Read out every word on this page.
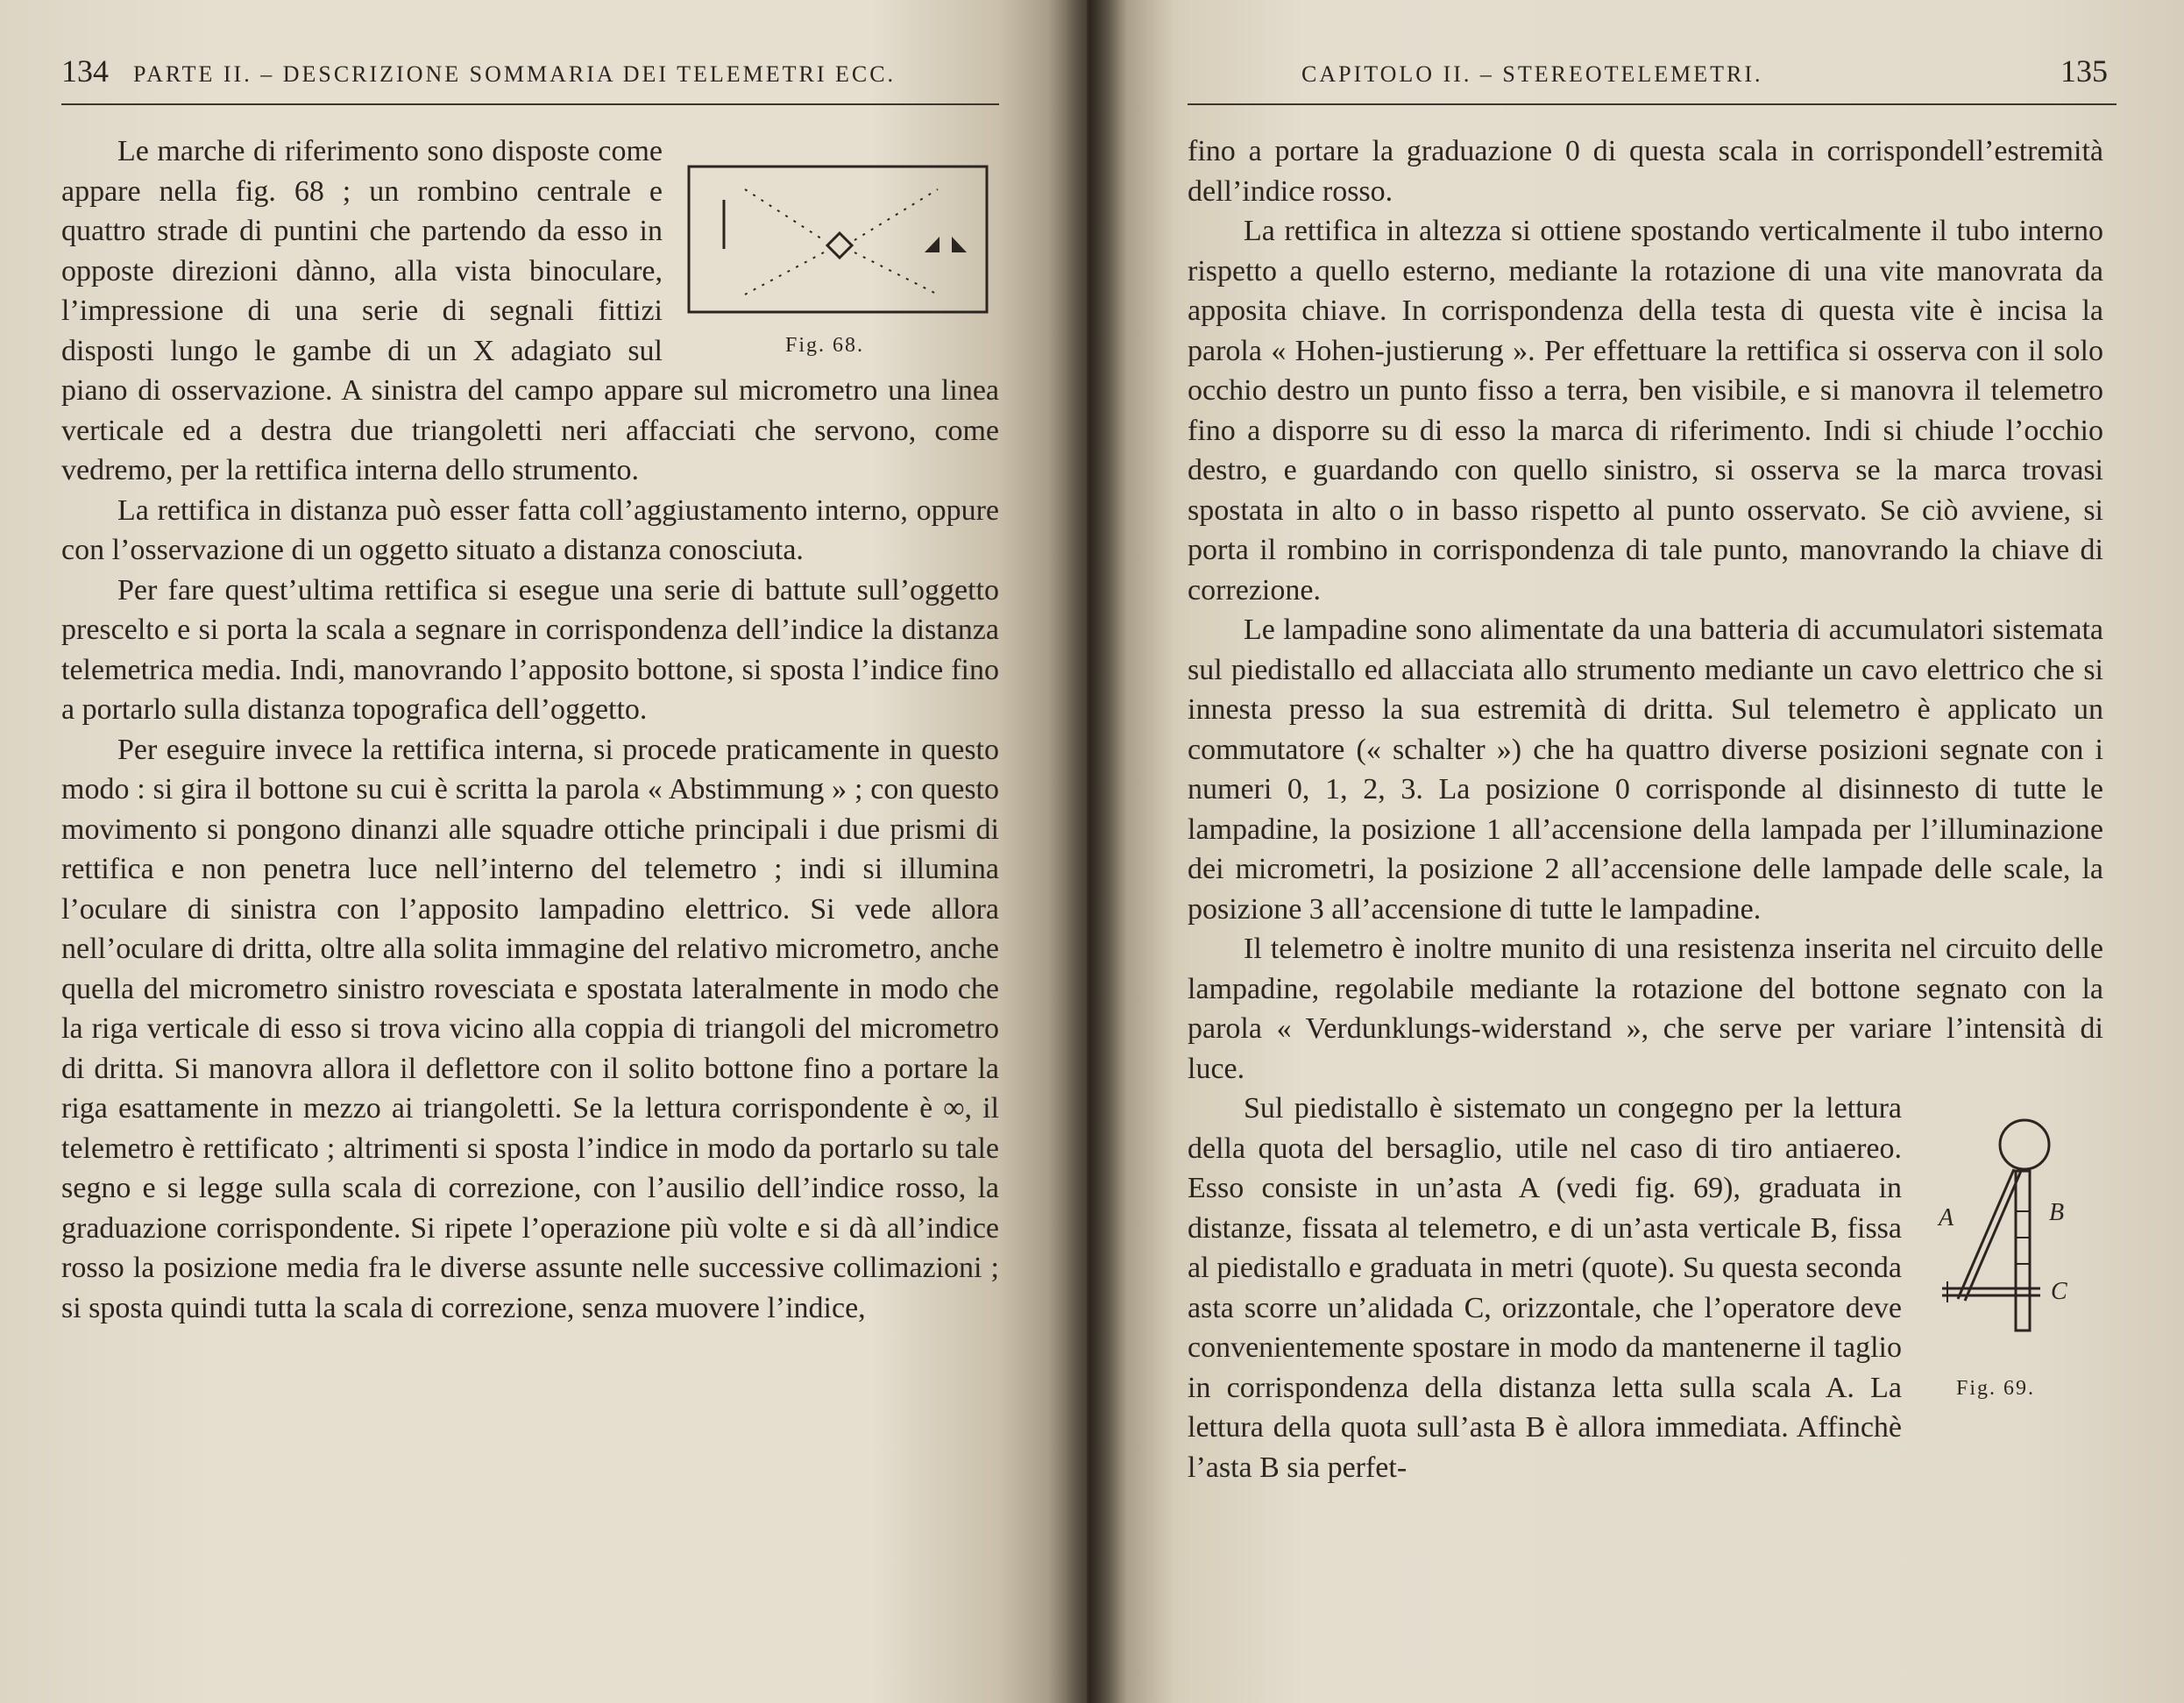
134 PARTE II. – DESCRIZIONE SOMMARIA DEI TELEMETRI ECC.
Fig. 68.

Le marche di riferimento sono disposte come appare nella fig. 68 ; un rombino centrale e quattro strade di puntini che partendo da esso in opposte direzioni dànno, alla vista binoculare, l’impressione di una serie di segnali fittizi disposti lungo le gambe di un X adagiato sul piano di osservazione. A sinistra del campo appare sul micrometro una linea verticale ed a destra due triangoletti neri affacciati che servono, come vedremo, per la rettifica interna dello strumento.

La rettifica in distanza può esser fatta coll’aggiustamento interno, oppure con l’osservazione di un oggetto situato a distanza conosciuta.

Per fare quest’ultima rettifica si esegue una serie di battute sull’oggetto prescelto e si porta la scala a segnare in corrispondenza dell’indice la distanza telemetrica media. Indi, manovrando l’apposito bottone, si sposta l’indice fino a portarlo sulla distanza topografica dell’oggetto.

Per eseguire invece la rettifica interna, si procede praticamente in questo modo : si gira il bottone su cui è scritta la parola « Abstimmung » ; con questo movimento si pongono dinanzi alle squadre ottiche principali i due prismi di rettifica e non penetra luce nell’interno del telemetro ; indi si illumina l’oculare di sinistra con l’apposito lampadino elettrico. Si vede allora nell’oculare di dritta, oltre alla solita immagine del relativo micrometro, anche quella del micrometro sinistro rovesciata e spostata lateralmente in modo che la riga verticale di esso si trova vicino alla coppia di triangoli del micrometro di dritta. Si manovra allora il deflettore con il solito bottone fino a portare la riga esattamente in mezzo ai triangoletti. Se la lettura corrispondente è ∞, il telemetro è rettificato ; altrimenti si sposta l’indice in modo da portarlo su tale segno e si legge sulla scala di correzione, con l’ausilio dell’indice rosso, la graduazione corrispondente. Si ripete l’operazione più volte e si dà all’indice rosso la posizione media fra le diverse assunte nelle successive collimazioni ; si sposta quindi tutta la scala di correzione, senza muovere l’indice,

CAPITOLO II. – STEREOTELEMETRI.	135

fino a portare la graduazione 0 di questa scala in corrispondell’estremità dell’indice rosso.

La rettifica in altezza si ottiene spostando verticalmente il tubo interno rispetto a quello esterno, mediante la rotazione di una vite manovrata da apposita chiave. In corrispondenza della testa di questa vite è incisa la parola « Hohen-justierung ». Per effettuare la rettifica si osserva con il solo occhio destro un punto fisso a terra, ben visibile, e si manovra il telemetro fino a disporre su di esso la marca di riferimento. Indi si chiude l’occhio destro, e guardando con quello sinistro, si osserva se la marca trovasi spostata in alto o in basso rispetto al punto osservato. Se ciò avviene, si porta il rombino in corrispondenza di tale punto, manovrando la chiave di correzione.

Le lampadine sono alimentate da una batteria di accumulatori sistemata sul piedistallo ed allacciata allo strumento mediante un cavo elettrico che si innesta presso la sua estremità di dritta. Sul telemetro è applicato un commutatore (« schalter ») che ha quattro diverse posizioni segnate con i numeri 0, 1, 2, 3. La posizione 0 corrisponde al disinnesto di tutte le lampadine, la posizione 1 all’accensione della lampada per l’illuminazione dei micrometri, la posizione 2 all’accensione delle lampade delle scale, la posizione 3 all’accensione di tutte le lampadine.

Il telemetro è inoltre munito di una resistenza inserita nel circuito delle lampadine, regolabile mediante la rotazione del bottone segnato con la parola « Verdunklungs-widerstand », che serve per variare l’intensità di luce.

A	B
C
Fig. 69.

Sul piedistallo è sistemato un congegno per la lettura della quota del bersaglio, utile nel caso di tiro antiaereo. Esso consiste in un’asta A (vedi fig. 69), graduata in distanze, fissata al telemetro, e di un’asta verticale B, fissa al piedistallo e graduata in metri (quote). Su questa seconda asta scorre un’alidada C, orizzontale, che l’operatore deve convenientemente spostare in modo da mantenerne il taglio in corrispondenza della distanza letta sulla scala A. La lettura della quota sull’asta B è allora immediata. Affinchè l’asta B sia perfet-
